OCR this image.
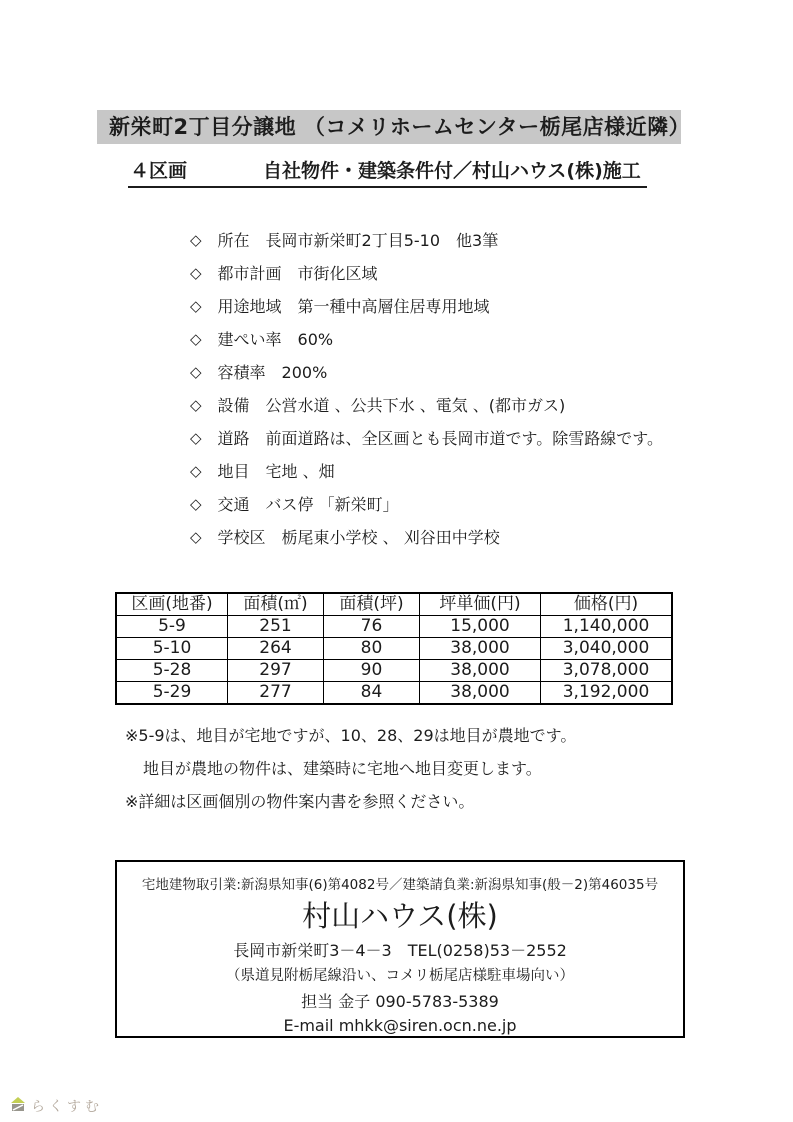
新栄町2丁目分譲地 （コメリホームセンター栃尾店様近隣）
４区画　　　　自社物件・建築条件付／村山ハウス(株)施工
◇ 所在　長岡市新栄町2丁目5-10　他3筆
◇ 都市計画　市街化区域
◇ 用途地域　第一種中高層住居専用地域
◇ 建ぺい率　60%
◇ 容積率　200%
◇ 設備　公営水道 、公共下水 、電気 、(都市ガス)
◇ 道路　前面道路は、全区画とも長岡市道です。除雪路線です。
◇ 地目　宅地 、畑
◇ 交通　バス停 「新栄町」
◇ 学校区　栃尾東小学校 、 刈谷田中学校
区画(地番)	面積(㎡)	面積(坪)	坪単価(円)	価格(円)
5-9	251	76	15,000	1,140,000
5-10	264	80	38,000	3,040,000
5-28	297	90	38,000	3,078,000
5-29	277	84	38,000	3,192,000

※5-9は、地目が宅地ですが、10、28、29は地目が農地です。

地目が農地の物件は、建築時に宅地へ地目変更します。

※詳細は区画個別の物件案内書を参照ください。

宅地建物取引業:新潟県知事(6)第4082号／建築請負業:新潟県知事(般－2)第46035号
村山ハウス(株)
長岡市新栄町3－4－3　TEL(0258)53－2552
（県道見附栃尾線沿い、コメリ栃尾店様駐車場向い）
担当 金子 090-5783-5389
E-mail mhkk@siren.ocn.ne.jp
らくすむ
